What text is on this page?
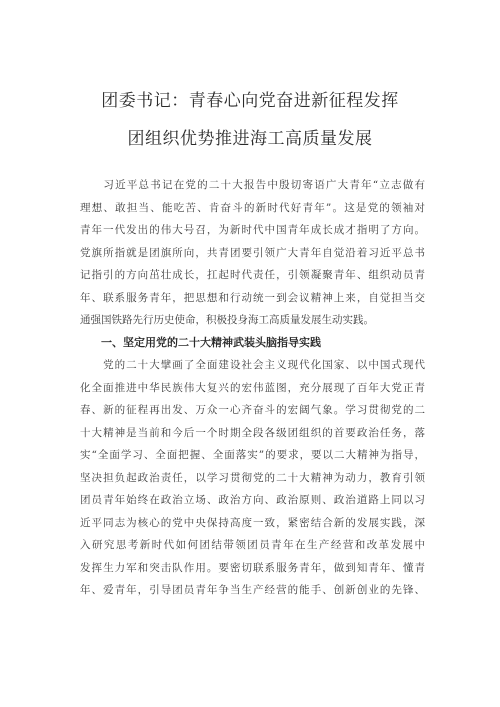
团委书记：青春心向党奋进新征程发挥
团组织优势推进海工高质量发展
　　习近平总书记在党的二十大报告中殷切寄语广大青年“立志做有
理想、敢担当、能吃苦、肯奋斗的新时代好青年”。这是党的领袖对
青年一代发出的伟大号召，为新时代中国青年成长成才指明了方向。
党旗所指就是团旗所向，共青团要引领广大青年自觉沿着习近平总书
记指引的方向茁壮成长，扛起时代责任，引领凝聚青年、组织动员青
年、联系服务青年，把思想和行动统一到会议精神上来，自觉担当交
通强国铁路先行历史使命，积极投身海工高质量发展生动实践。
一、坚定用党的二十大精神武装头脑指导实践
　　党的二十大擘画了全面建设社会主义现代化国家、以中国式现代
化全面推进中华民族伟大复兴的宏伟蓝图，充分展现了百年大党正青
春、新的征程再出发、万众一心齐奋斗的宏阔气象。学习贯彻党的二
十大精神是当前和今后一个时期全段各级团组织的首要政治任务，落
实“全面学习、全面把握、全面落实”的要求，要以二大精神为指导，
坚决担负起政治责任，以学习贯彻党的二十大精神为动力，教育引领
团员青年始终在政治立场、政治方向、政治原则、政治道路上同以习
近平同志为核心的党中央保持高度一致，紧密结合新的发展实践，深
入研究思考新时代如何团结带领团员青年在生产经营和改革发展中
发挥生力军和突击队作用。要密切联系服务青年，做到知青年、懂青
年、爱青年，引导团员青年争当生产经营的能手、创新创业的先锋、
